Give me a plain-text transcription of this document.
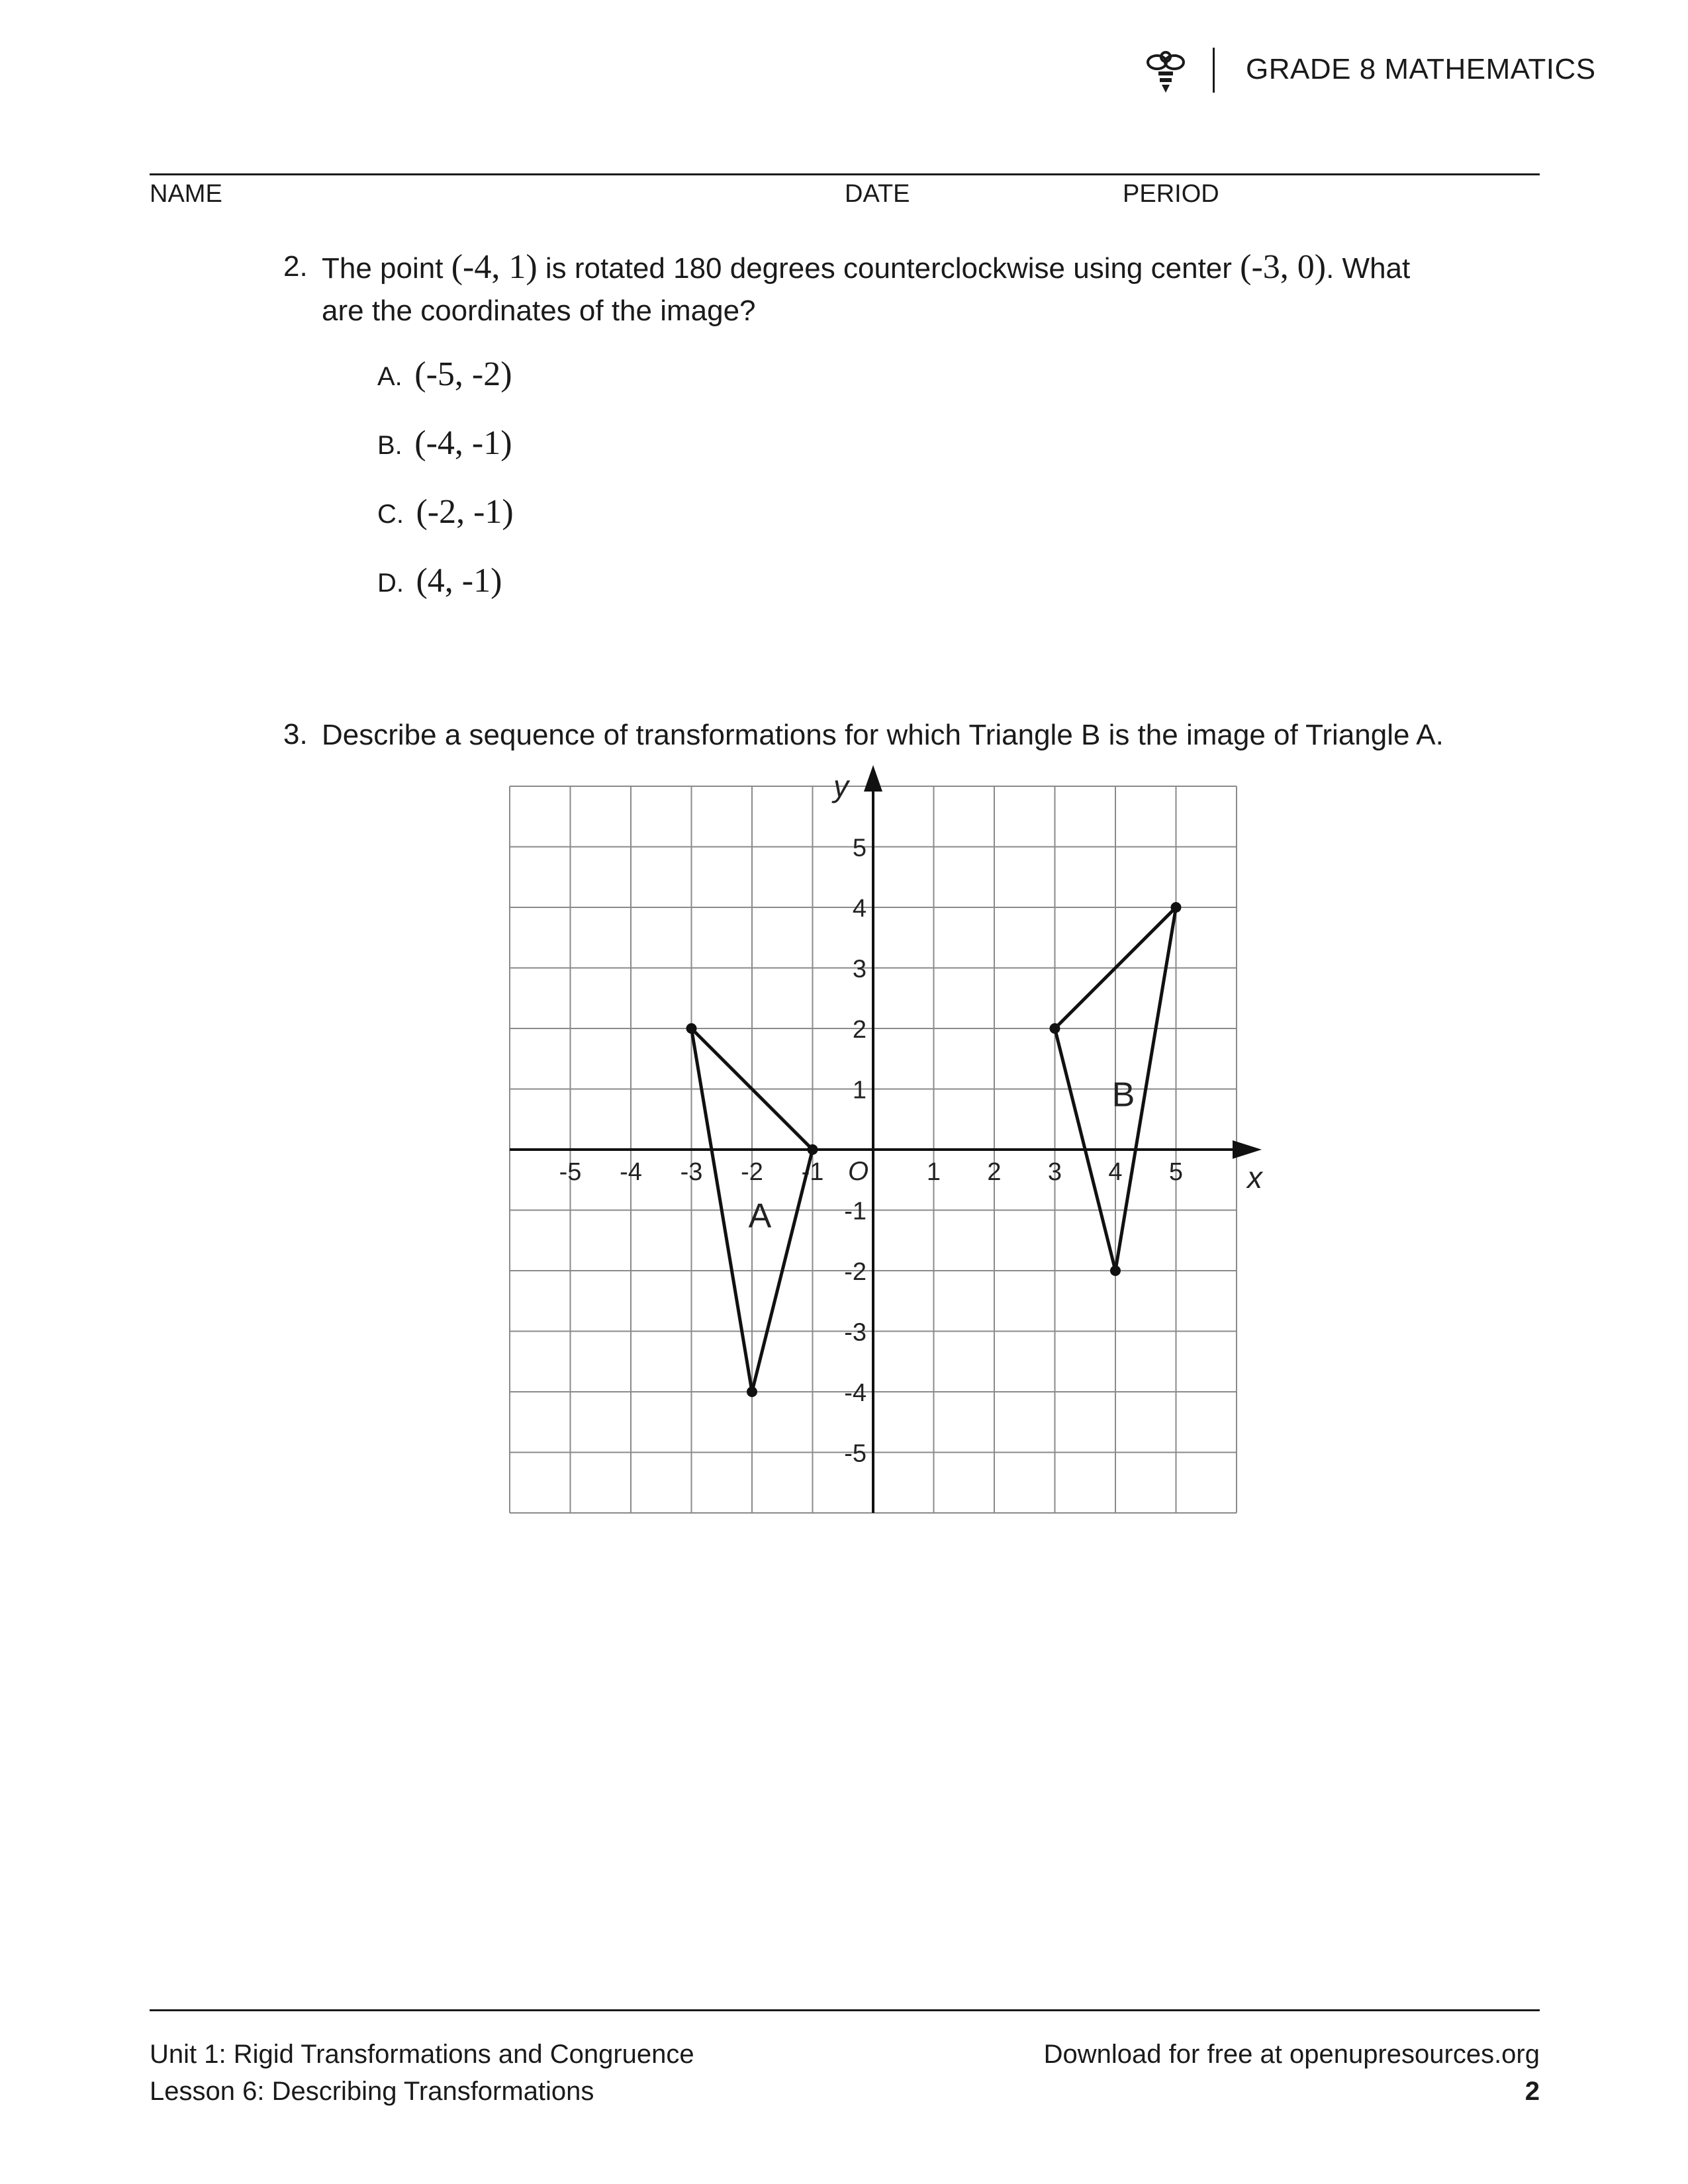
GRADE 8 MATHEMATICS
NAME	DATE	PERIOD
2. The point (-4, 1) is rotated 180 degrees counterclockwise using center (-3, 0). What
are the coordinates of the image?
A. (-5, -2)
B. (-4, -1)
C. (-2, -1)
D. (4, -1)
3. Describe a sequence of transformations for which Triangle B is the image of Triangle A.
x
y
-5 -4 -3 -2 -1	1 2 3 4 5
5
4
3
2
1
-1
-2
-3
-4
-5
O
A
B
Unit 1: Rigid Transformations and Congruence
Lesson 6: Describing Transformations
Download for free at openupresources.org
2
